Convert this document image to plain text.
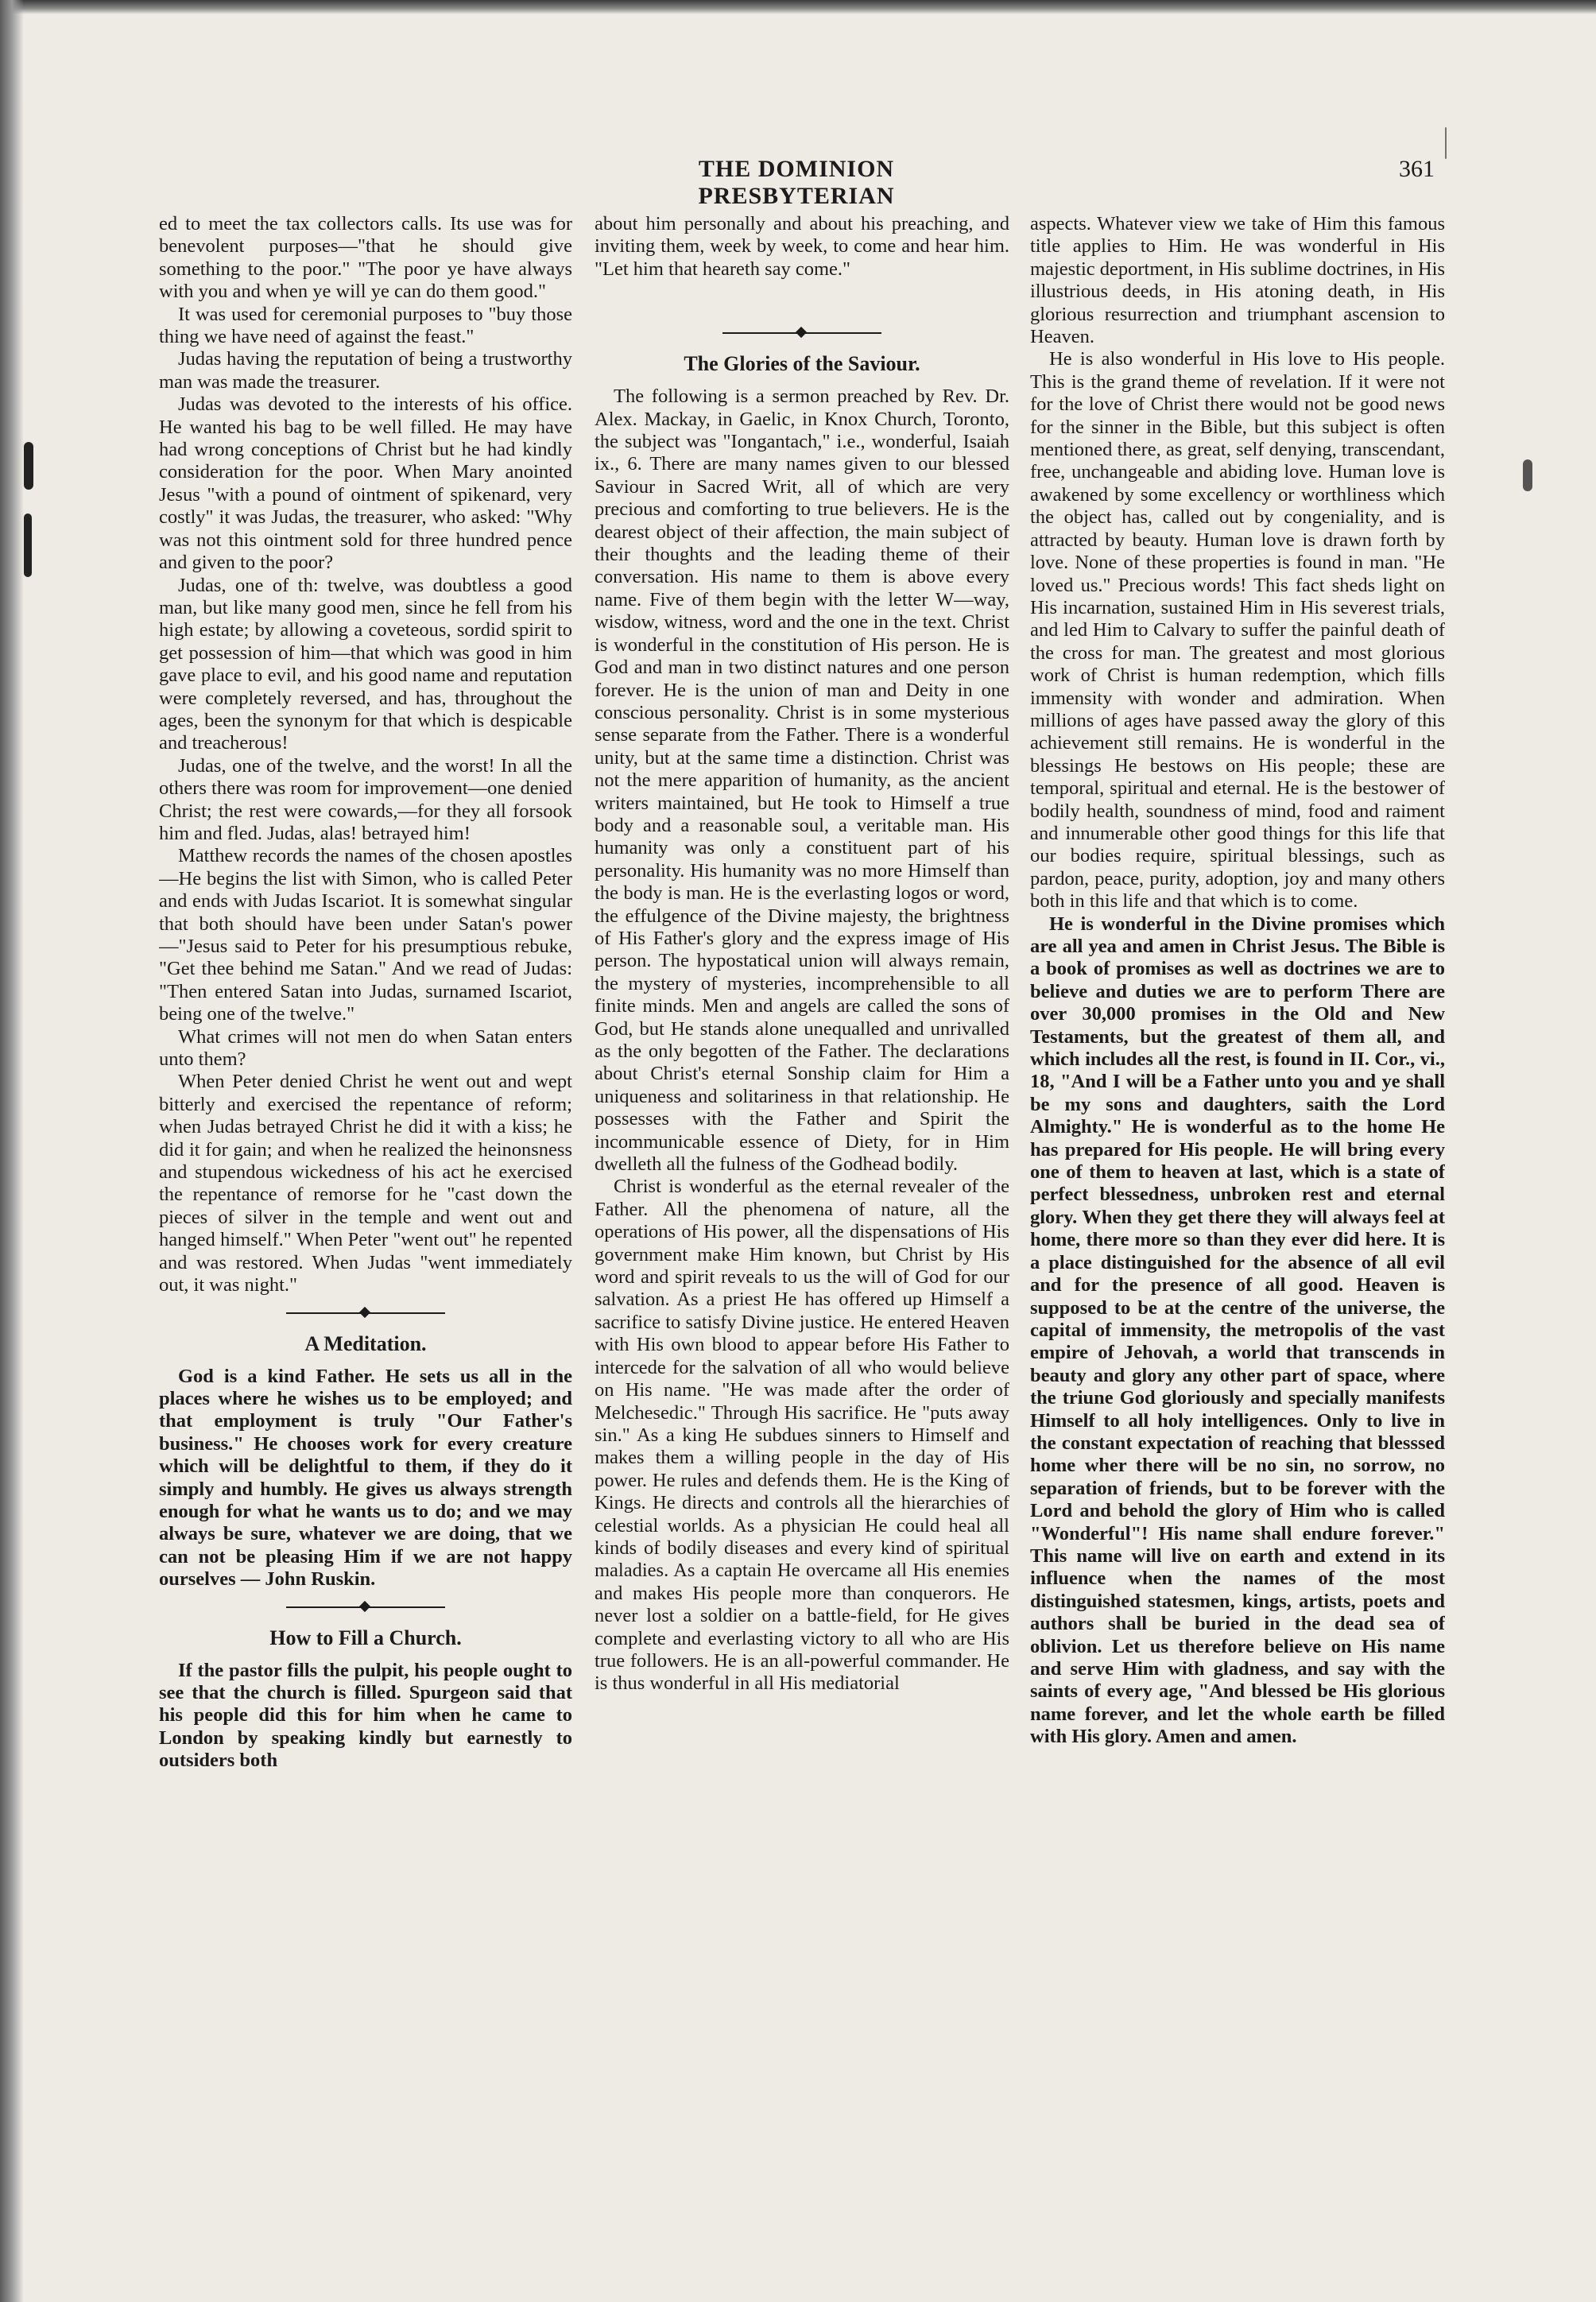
THE DOMINION PRESBYTERIAN
361

ed to meet the tax collectors calls. Its use was for benevolent purposes—"that he should give something to the poor." "The poor ye have always with you and when ye will ye can do them good."

It was used for ceremonial purposes to "buy those thing we have need of against the feast."

Judas having the reputation of being a trustworthy man was made the treasurer.

Judas was devoted to the interests of his office. He wanted his bag to be well filled. He may have had wrong conceptions of Christ but he had kindly consideration for the poor. When Mary anointed Jesus "with a pound of ointment of spikenard, very costly" it was Judas, the treasurer, who asked: "Why was not this ointment sold for three hundred pence and given to the poor?

Judas, one of th: twelve, was doubtless a good man, but like many good men, since he fell from his high estate; by allowing a coveteous, sordid spirit to get possession of him—that which was good in him gave place to evil, and his good name and reputation were completely reversed, and has, throughout the ages, been the synonym for that which is despicable and treacherous!

Judas, one of the twelve, and the worst! In all the others there was room for improvement—one denied Christ; the rest were cowards,—for they all forsook him and fled. Judas, alas! betrayed him!

Matthew records the names of the chosen apostles—He begins the list with Simon, who is called Peter and ends with Judas Iscariot. It is somewhat singular that both should have been under Satan's power—"Jesus said to Peter for his presumptious rebuke, "Get thee behind me Satan." And we read of Judas: "Then entered Satan into Judas, surnamed Iscariot, being one of the twelve."

What crimes will not men do when Satan enters unto them?

When Peter denied Christ he went out and wept bitterly and exercised the repentance of reform; when Judas betrayed Christ he did it with a kiss; he did it for gain; and when he realized the heinonsness and stupendous wickedness of his act he exercised the repentance of remorse for he "cast down the pieces of silver in the temple and went out and hanged himself." When Peter "went out" he repented and was restored. When Judas "went immediately out, it was night."

A Meditation.

God is a kind Father. He sets us all in the places where he wishes us to be employed; and that employment is truly "Our Father's business." He chooses work for every creature which will be delightful to them, if they do it simply and humbly. He gives us always strength enough for what he wants us to do; and we may always be sure, whatever we are doing, that we can not be pleasing Him if we are not happy ourselves — John Ruskin.

How to Fill a Church.

If the pastor fills the pulpit, his people ought to see that the church is filled. Spurgeon said that his people did this for him when he came to London by speaking kindly but earnestly to outsiders both

about him personally and about his preaching, and inviting them, week by week, to come and hear him. "Let him that heareth say come."

The Glories of the Saviour.

The following is a sermon preached by Rev. Dr. Alex. Mackay, in Gaelic, in Knox Church, Toronto, the subject was "Iongantach," i.e., wonderful, Isaiah ix., 6. There are many names given to our blessed Saviour in Sacred Writ, all of which are very precious and comforting to true believers. He is the dearest object of their affection, the main subject of their thoughts and the leading theme of their conversation. His name to them is above every name. Five of them begin with the letter W—way, wisdow, witness, word and the one in the text. Christ is wonderful in the constitution of His person. He is God and man in two distinct natures and one person forever. He is the union of man and Deity in one conscious personality. Christ is in some mysterious sense separate from the Father. There is a wonderful unity, but at the same time a distinction. Christ was not the mere apparition of humanity, as the ancient writers maintained, but He took to Himself a true body and a reasonable soul, a veritable man. His humanity was only a constituent part of his personality. His humanity was no more Himself than the body is man. He is the everlasting logos or word, the effulgence of the Divine majesty, the brightness of His Father's glory and the express image of His person. The hypostatical union will always remain, the mystery of mysteries, incomprehensible to all finite minds. Men and angels are called the sons of God, but He stands alone unequalled and unrivalled as the only begotten of the Father. The declarations about Christ's eternal Sonship claim for Him a uniqueness and solitariness in that relationship. He possesses with the Father and Spirit the incommunicable essence of Diety, for in Him dwelleth all the fulness of the Godhead bodily.

Christ is wonderful as the eternal revealer of the Father. All the phenomena of nature, all the operations of His power, all the dispensations of His government make Him known, but Christ by His word and spirit reveals to us the will of God for our salvation. As a priest He has offered up Himself a sacrifice to satisfy Divine justice. He entered Heaven with His own blood to appear before His Father to intercede for the salvation of all who would believe on His name. "He was made after the order of Melchesedic." Through His sacrifice. He "puts away sin." As a king He subdues sinners to Himself and makes them a willing people in the day of His power. He rules and defends them. He is the King of Kings. He directs and controls all the hierarchies of celestial worlds. As a physician He could heal all kinds of bodily diseases and every kind of spiritual maladies. As a captain He overcame all His enemies and makes His people more than conquerors. He never lost a soldier on a battle-field, for He gives complete and everlasting victory to all who are His true followers. He is an all-powerful commander. He is thus wonderful in all His mediatorial

aspects. Whatever view we take of Him this famous title applies to Him. He was wonderful in His majestic deportment, in His sublime doctrines, in His illustrious deeds, in His atoning death, in His glorious resurrection and triumphant ascension to Heaven.

He is also wonderful in His love to His people. This is the grand theme of revelation. If it were not for the love of Christ there would not be good news for the sinner in the Bible, but this subject is often mentioned there, as great, self denying, transcendant, free, unchangeable and abiding love. Human love is awakened by some excellency or worthliness which the object has, called out by congeniality, and is attracted by beauty. Human love is drawn forth by love. None of these properties is found in man. "He loved us." Precious words! This fact sheds light on His incarnation, sustained Him in His severest trials, and led Him to Calvary to suffer the painful death of the cross for man. The greatest and most glorious work of Christ is human redemption, which fills immensity with wonder and admiration. When millions of ages have passed away the glory of this achievement still remains. He is wonderful in the blessings He bestows on His people; these are temporal, spiritual and eternal. He is the bestower of bodily health, soundness of mind, food and raiment and innumerable other good things for this life that our bodies require, spiritual blessings, such as pardon, peace, purity, adoption, joy and many others both in this life and that which is to come.

He is wonderful in the Divine promises which are all yea and amen in Christ Jesus. The Bible is a book of promises as well as doctrines we are to believe and duties we are to perform There are over 30,000 promises in the Old and New Testaments, but the greatest of them all, and which includes all the rest, is found in II. Cor., vi., 18, "And I will be a Father unto you and ye shall be my sons and daughters, saith the Lord Almighty." He is wonderful as to the home He has prepared for His people. He will bring every one of them to heaven at last, which is a state of perfect blessedness, unbroken rest and eternal glory. When they get there they will always feel at home, there more so than they ever did here. It is a place distinguished for the absence of all evil and for the presence of all good. Heaven is supposed to be at the centre of the universe, the capital of immensity, the metropolis of the vast empire of Jehovah, a world that transcends in beauty and glory any other part of space, where the triune God gloriously and specially manifests Himself to all holy intelligences. Only to live in the constant expectation of reaching that blesssed home wher there will be no sin, no sorrow, no separation of friends, but to be forever with the Lord and behold the glory of Him who is called "Wonderful"! His name shall endure forever." This name will live on earth and extend in its influence when the names of the most distinguished statesmen, kings, artists, poets and authors shall be buried in the dead sea of oblivion. Let us therefore believe on His name and serve Him with gladness, and say with the saints of every age, "And blessed be His glorious name forever, and let the whole earth be filled with His glory. Amen and amen.
